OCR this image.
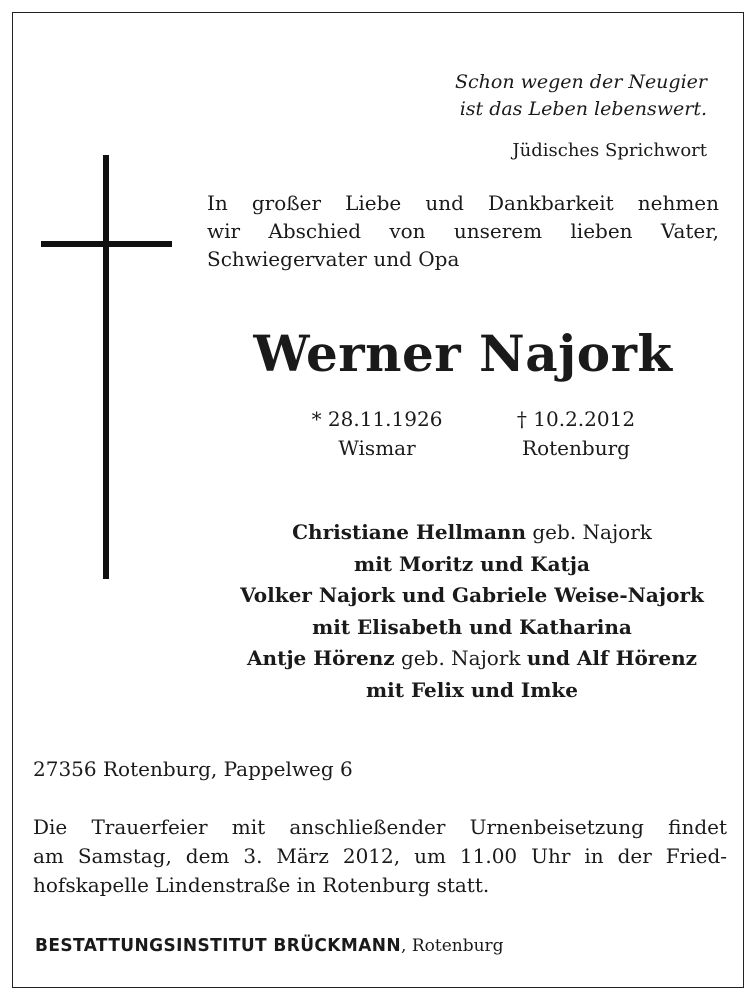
Schon wegen der Neugier
ist das Leben lebenswert.
Jüdisches Sprichwort
In großer Liebe und Dankbarkeit nehmen
wir Abschied von unserem lieben Vater,
Schwiegervater und Opa
Werner Najork
* 28.11.1926
Wismar
† 10.2.2012
Rotenburg
Christiane Hellmann geb. Najork
mit Moritz und Katja
Volker Najork und Gabriele Weise-Najork
mit Elisabeth und Katharina
Antje Hörenz geb. Najork und Alf Hörenz
mit Felix und Imke
27356 Rotenburg, Pappelweg 6
Die Trauerfeier mit anschließender Urnenbeisetzung findet
am Samstag, dem 3. März 2012, um 11.00 Uhr in der Fried-
hofskapelle Lindenstraße in Rotenburg statt.
BESTATTUNGSINSTITUT BRÜCKMANN, Rotenburg
